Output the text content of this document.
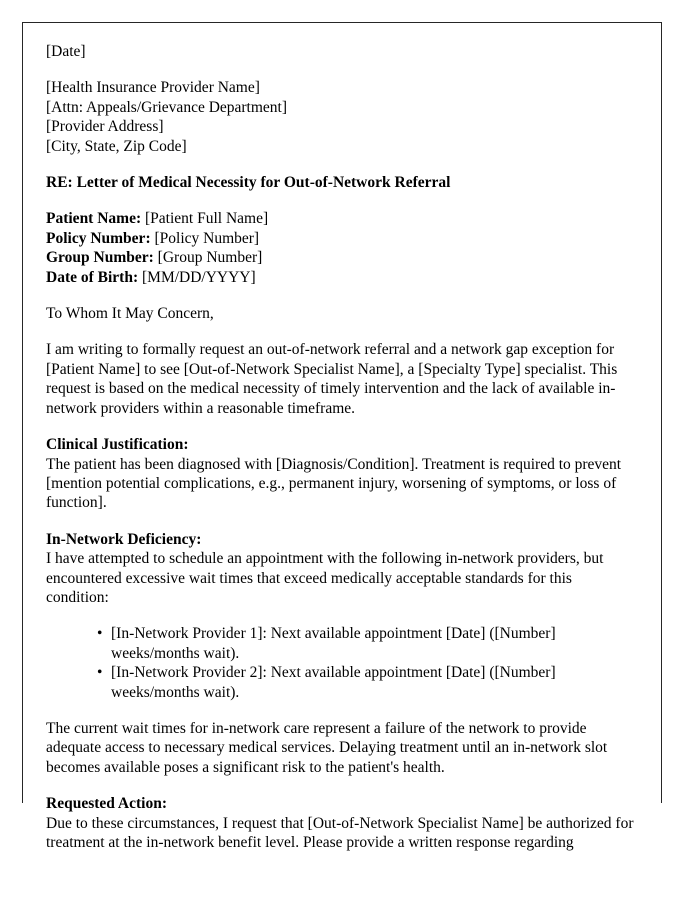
[Date]
[Health Insurance Provider Name]
[Attn: Appeals/Grievance Department]
[Provider Address]
[City, State, Zip Code]
RE: Letter of Medical Necessity for Out-of-Network Referral
Patient Name: [Patient Full Name]
Policy Number: [Policy Number]
Group Number: [Group Number]
Date of Birth: [MM/DD/YYYY]
To Whom It May Concern,
I am writing to formally request an out-of-network referral and a network gap exception for [Patient Name] to see [Out-of-Network Specialist Name], a [Specialty Type] specialist. This request is based on the medical necessity of timely intervention and the lack of available in-network providers within a reasonable timeframe.
Clinical Justification:
The patient has been diagnosed with [Diagnosis/Condition]. Treatment is required to prevent [mention potential complications, e.g., permanent injury, worsening of symptoms, or loss of function].
In-Network Deficiency:
I have attempted to schedule an appointment with the following in-network providers, but encountered excessive wait times that exceed medically acceptable standards for this condition:
• [In-Network Provider 1]: Next available appointment [Date] ([Number] weeks/months wait).
• [In-Network Provider 2]: Next available appointment [Date] ([Number] weeks/months wait).
The current wait times for in-network care represent a failure of the network to provide adequate access to necessary medical services. Delaying treatment until an in-network slot becomes available poses a significant risk to the patient's health.
Requested Action:
Due to these circumstances, I request that [Out-of-Network Specialist Name] be authorized for treatment at the in-network benefit level. Please provide a written response regarding
